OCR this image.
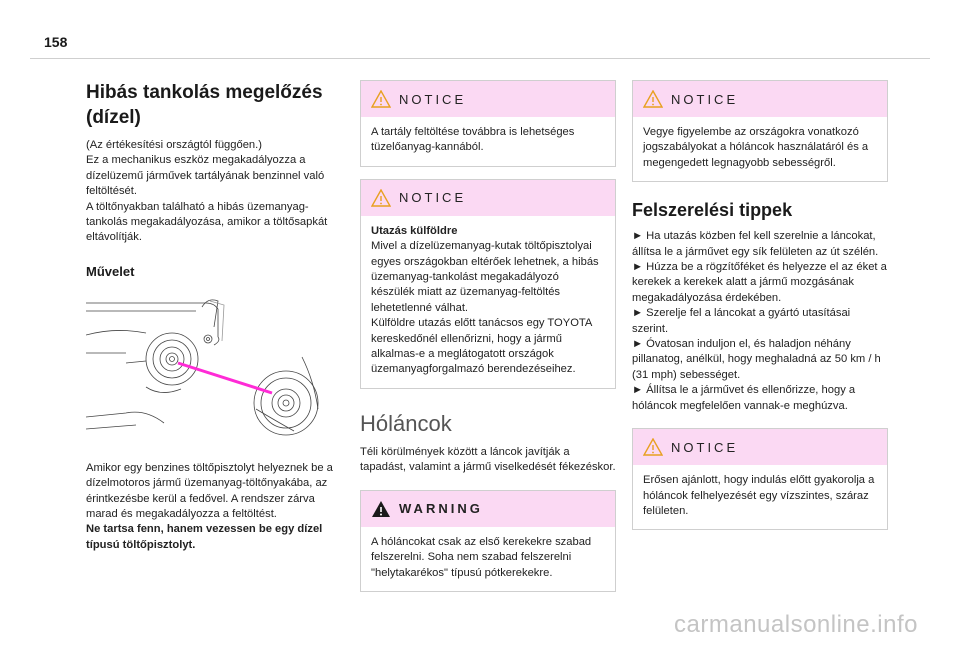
158
Hibás tankolás megelőzés
(dízel)

(Az értékesítési országtól függően.)

Ez a mechanikus eszköz megakadályozza a dízelüzemű járművek tartályának benzinnel való feltöltését.

A töltőnyakban található a hibás üzemanyag-tankolás megakadályozása, amikor a töltősapkát eltávolítják.

Művelet

Amikor egy benzines töltőpisztolyt helyeznek be a dízelmotoros jármű üzemanyag-töltőnyakába, az érintkezésbe kerül a fedővel. A rendszer zárva marad és megakadályozza a feltöltést.

Ne tartsa fenn, hanem vezessen be egy dízel típusú töltőpisztolyt.

NOTICE
A tartály feltöltése továbbra is lehetséges tüzelőanyag-kannából.
NOTICE

Utazás külföldre

Mivel a dízelüzemanyag-kutak töltőpisztolyai egyes országokban eltérőek lehetnek, a hibás üzemanyag-tankolást megakadályozó készülék miatt az üzemanyag-feltöltés lehetetlenné válhat.

Külföldre utazás előtt tanácsos egy TOYOTA kereskedőnél ellenőrizni, hogy a jármű alkalmas-e a meglátogatott országok üzemanyagforgalmazó berendezéseihez.

Hóláncok
Téli körülmények között a láncok javítják a tapadást, valamint a jármű viselkedését fékezéskor.
WARNING
A hóláncokat csak az első kerekekre szabad felszerelni. Soha nem szabad felszerelni "helytakarékos" típusú pótkerekekre.
NOTICE
Vegye figyelembe az országokra vonatkozó jogszabályokat a hóláncok használatáról és a megengedett legnagyobb sebességről.
Felszerelési tippek

► Ha utazás közben fel kell szerelnie a láncokat, állítsa le a járművet egy sík felületen az út szélén.

► Húzza be a rögzítőféket és helyezze el az éket a kerekek a kerekek alatt a jármű mozgásának megakadályozása érdekében.

► Szerelje fel a láncokat a gyártó utasításai szerint.

► Óvatosan induljon el, és haladjon néhány pillanatog, anélkül, hogy meghaladná az 50 km / h (31 mph) sebességet.

► Állítsa le a járművet és ellenőrizze, hogy a hóláncok megfelelően vannak-e meghúzva.

NOTICE
Erősen ajánlott, hogy indulás előtt gyakorolja a hóláncok felhelyezését egy vízszintes, száraz felületen.
carmanualsonline.info
